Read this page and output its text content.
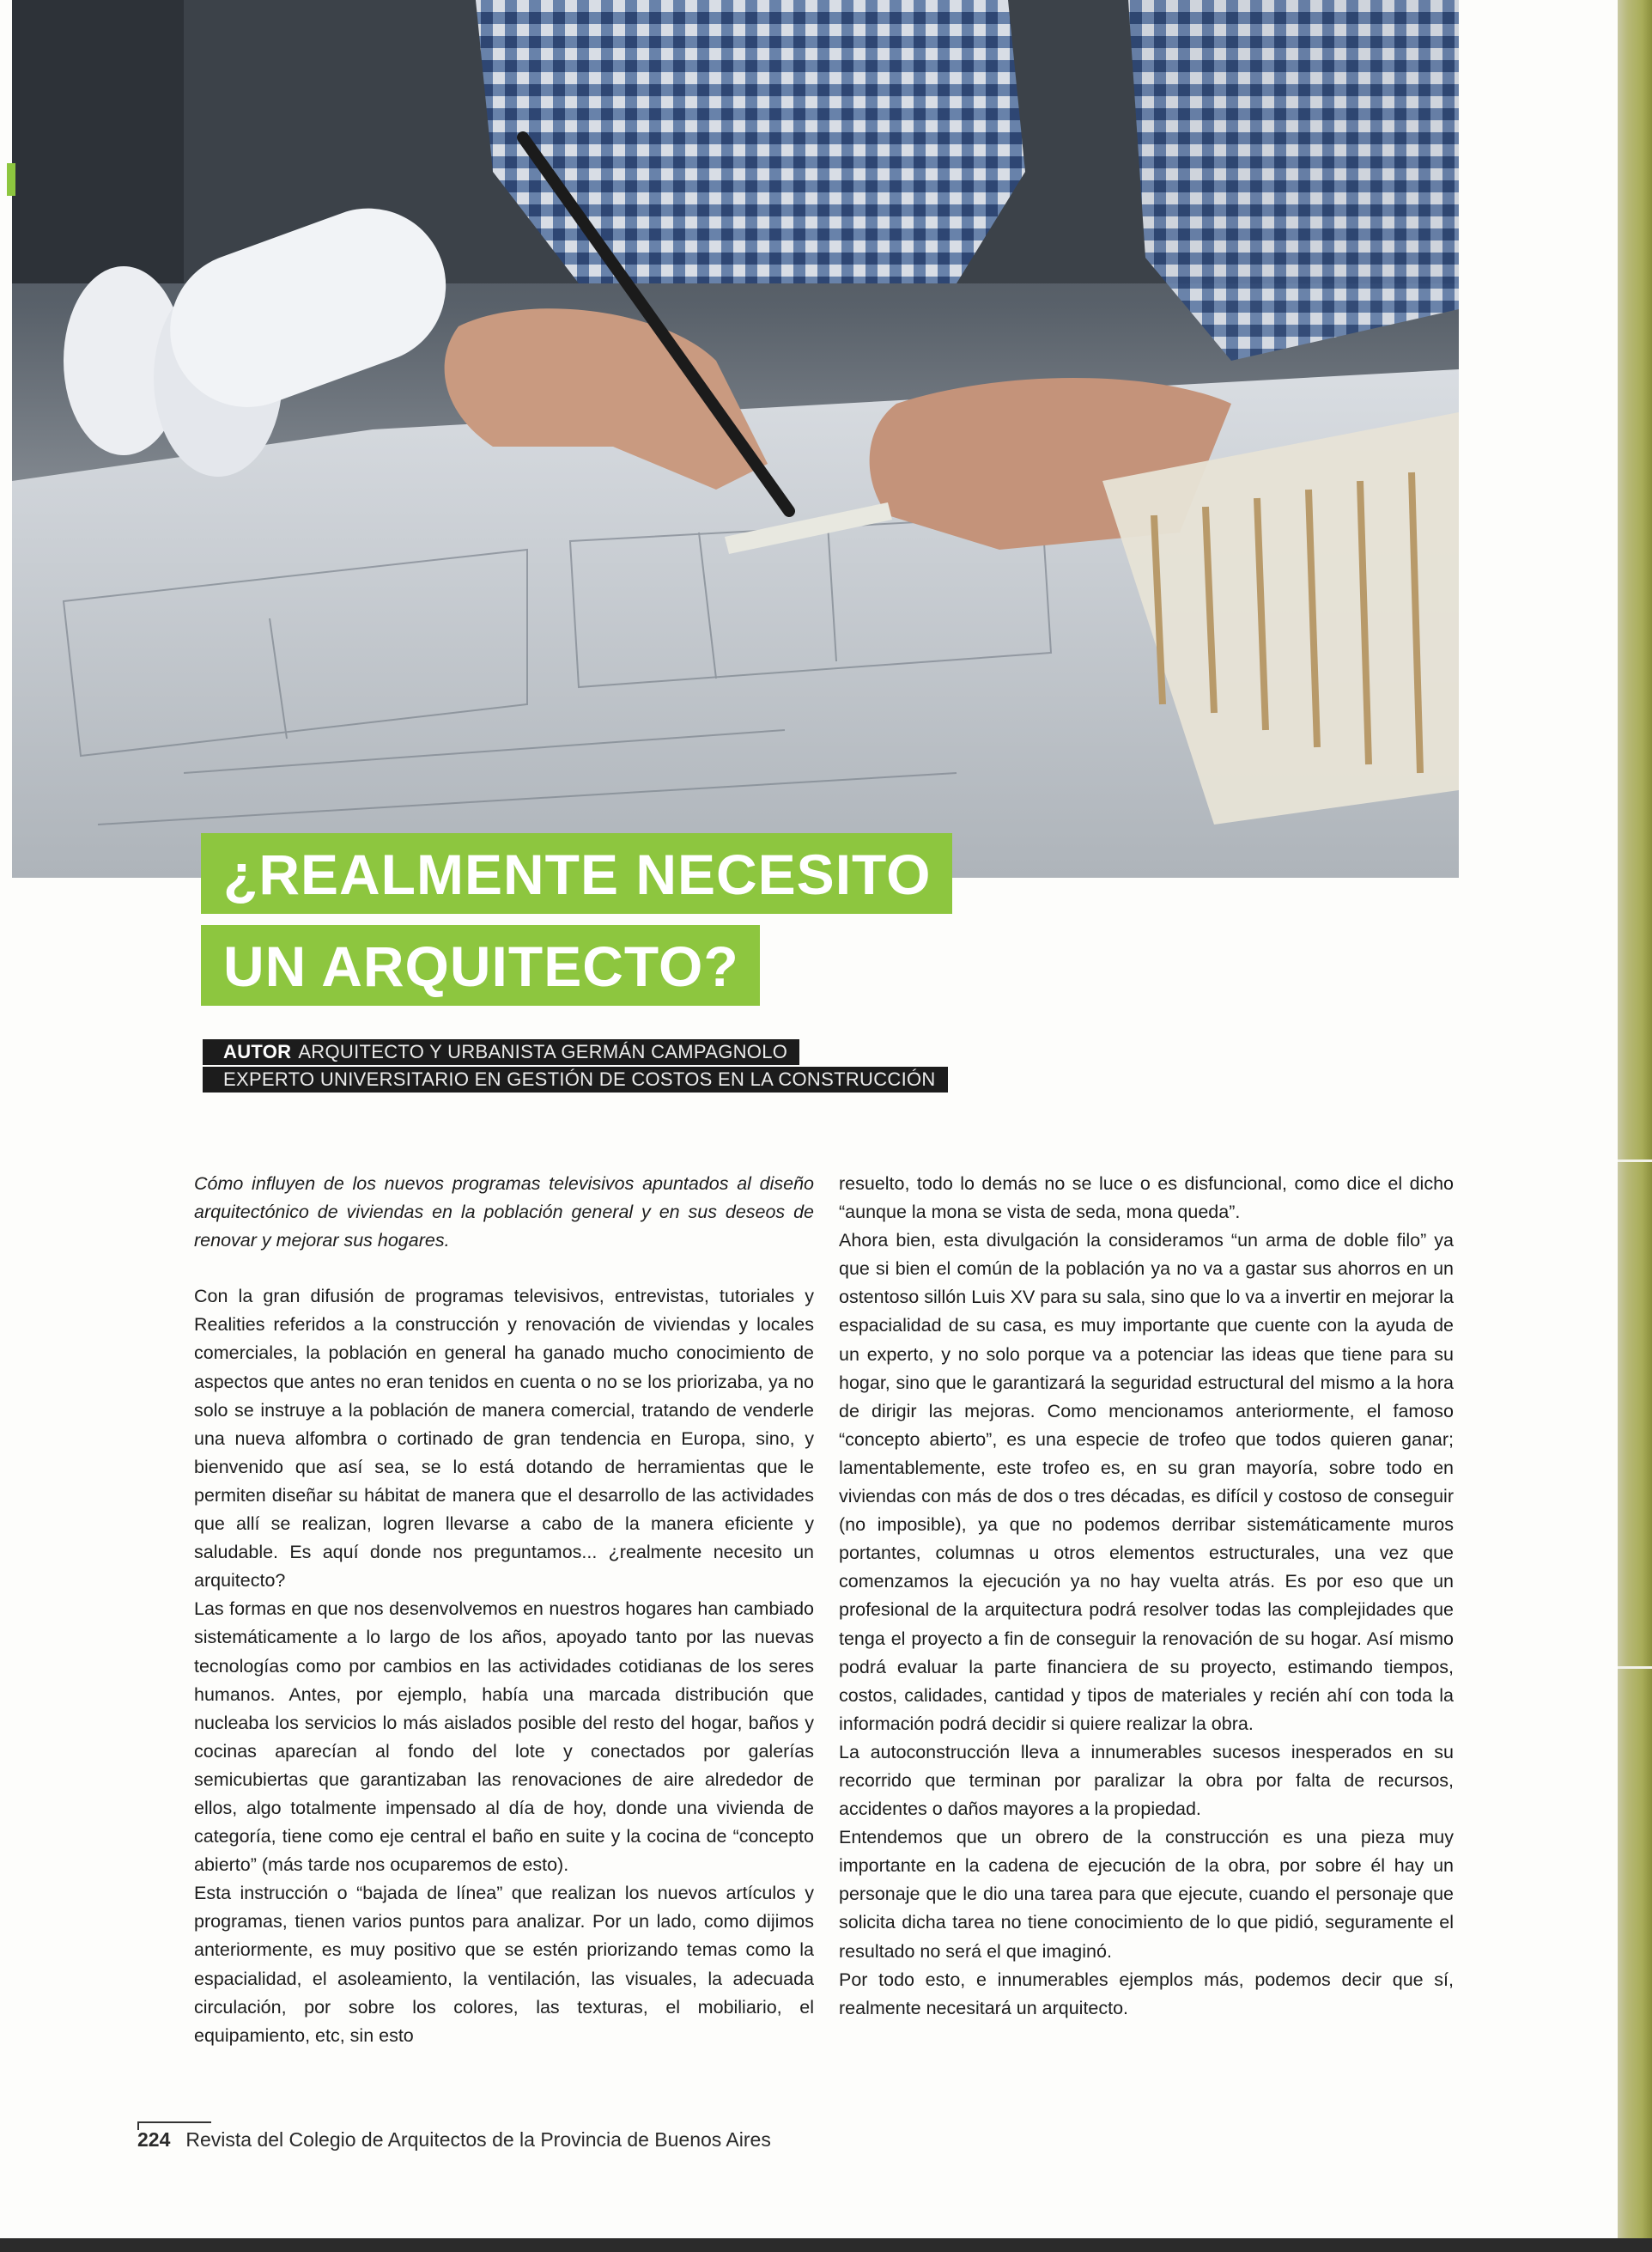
¿REALMENTE NECESITO
UN ARQUITECTO?
AUTOR ARQUITECTO Y URBANISTA GERMÁN CAMPAGNOLO
EXPERTO UNIVERSITARIO EN GESTIÓN DE COSTOS EN LA CONSTRUCCIÓN

Cómo influyen de los nuevos programas televisivos apuntados al diseño arquitectónico de viviendas en la población general y en sus deseos de renovar y mejorar sus hogares.

Con la gran difusión de programas televisivos, entrevistas, tutoriales y Realities referidos a la construcción y renovación de viviendas y locales comerciales, la población en general ha ganado mucho conocimiento de aspectos que antes no eran tenidos en cuenta o no se los priorizaba, ya no solo se instruye a la población de manera comercial, tratando de venderle una nueva alfombra o cortinado de gran tendencia en Europa, sino, y bienvenido que así sea, se lo está dotando de herramientas que le permiten diseñar su hábitat de manera que el desarrollo de las actividades que allí se realizan, logren llevarse a cabo de la manera eficiente y saludable. Es aquí donde nos preguntamos... ¿realmente necesito un arquitecto?

Las formas en que nos desenvolvemos en nuestros hogares han cambiado sistemáticamente a lo largo de los años, apoyado tanto por las nuevas tecnologías como por cambios en las actividades cotidianas de los seres humanos. Antes, por ejemplo, había una marcada distribución que nucleaba los servicios lo más aislados posible del resto del hogar, baños y cocinas aparecían al fondo del lote y conectados por galerías semicubiertas que garantizaban las renovaciones de aire alrededor de ellos, algo totalmente impensado al día de hoy, donde una vivienda de categoría, tiene como eje central el baño en suite y la cocina de “concepto abierto” (más tarde nos ocuparemos de esto).

Esta instrucción o “bajada de línea” que realizan los nuevos artículos y programas, tienen varios puntos para analizar. Por un lado, como dijimos anteriormente, es muy positivo que se estén priorizando temas como la espacialidad, el asoleamiento, la ventilación, las visuales, la adecuada circulación, por sobre los colores, las texturas, el mobiliario, el equipamiento, etc, sin esto

resuelto, todo lo demás no se luce o es disfuncional, como dice el dicho “aunque la mona se vista de seda, mona queda”.

Ahora bien, esta divulgación la consideramos “un arma de doble filo” ya que si bien el común de la población ya no va a gastar sus ahorros en un ostentoso sillón Luis XV para su sala, sino que lo va a invertir en mejorar la espacialidad de su casa, es muy importante que cuente con la ayuda de un experto, y no solo porque va a potenciar las ideas que tiene para su hogar, sino que le garantizará la seguridad estructural del mismo a la hora de dirigir las mejoras. Como mencionamos anteriormente, el famoso “concepto abierto”, es una especie de trofeo que todos quieren ganar; lamentablemente, este trofeo es, en su gran mayoría, sobre todo en viviendas con más de dos o tres décadas, es difícil y costoso de conseguir (no imposible), ya que no podemos derribar sistemáticamente muros portantes, columnas u otros elementos estructurales, una vez que comenzamos la ejecución ya no hay vuelta atrás. Es por eso que un profesional de la arquitectura podrá resolver todas las complejidades que tenga el proyecto a fin de conseguir la renovación de su hogar. Así mismo podrá evaluar la parte financiera de su proyecto, estimando tiempos, costos, calidades, cantidad y tipos de materiales y recién ahí con toda la información podrá decidir si quiere realizar la obra.

La autoconstrucción lleva a innumerables sucesos inesperados en su recorrido que terminan por paralizar la obra por falta de recursos, accidentes o daños mayores a la propiedad.

Entendemos que un obrero de la construcción es una pieza muy importante en la cadena de ejecución de la obra, por sobre él hay un personaje que le dio una tarea para que ejecute, cuando el personaje que solicita dicha tarea no tiene conocimiento de lo que pidió, seguramente el resultado no será el que imaginó.

Por todo esto, e innumerables ejemplos más, podemos decir que sí, realmente necesitará un arquitecto.

224 Revista del Colegio de Arquitectos de la Provincia de Buenos Aires
